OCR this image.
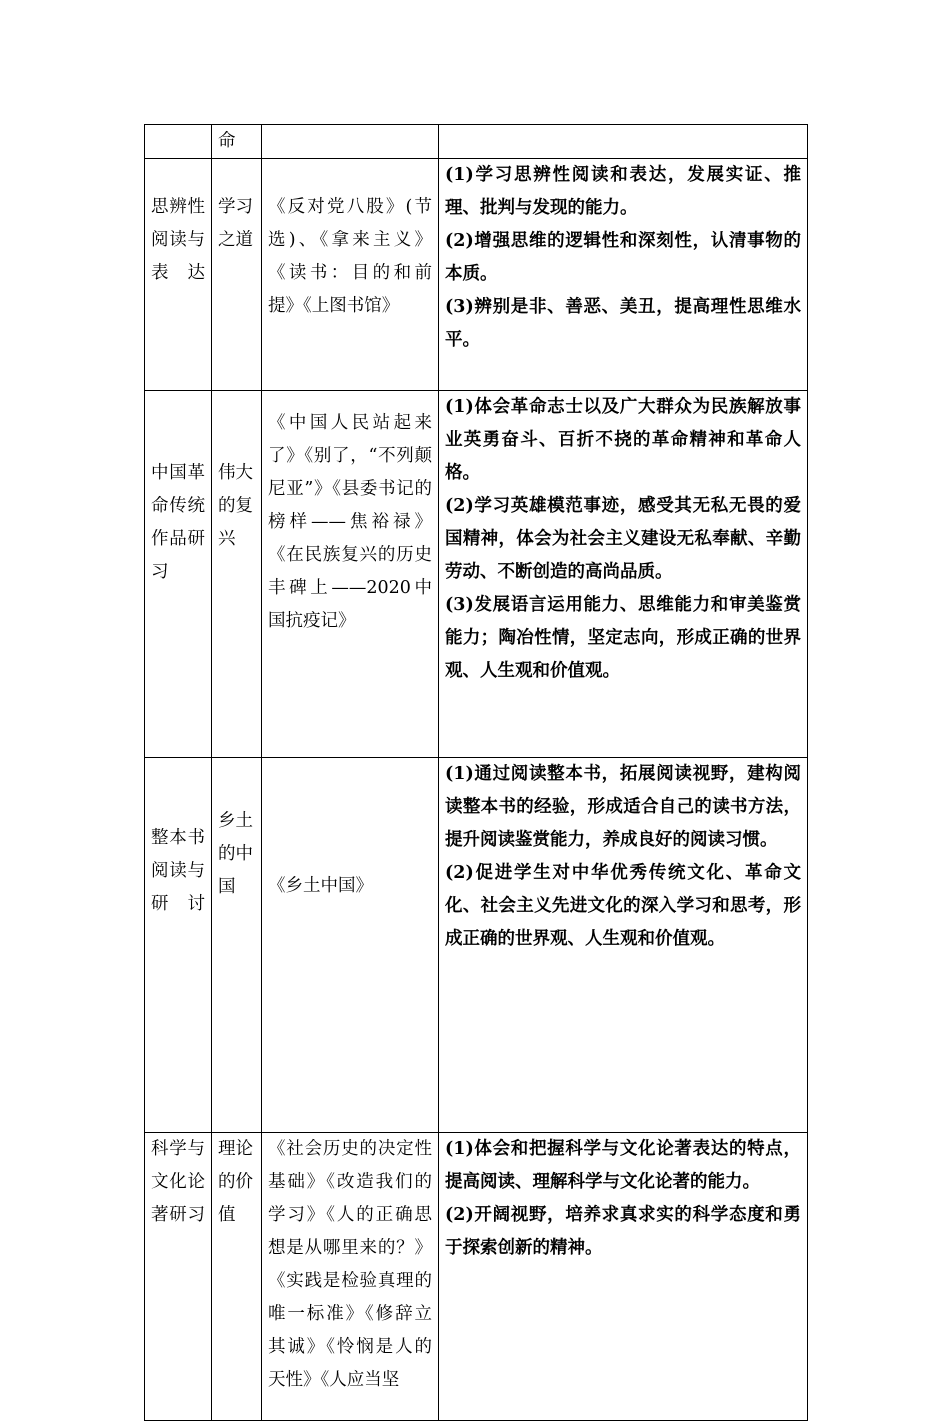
	命		
思辨性阅读与表达	学习之道	《反对党八股》(节选)、《拿来主义》《读书：目的和前提》《上图书馆》	(1)学习思辨性阅读和表达，发展实证、推理、批判与发现的能力。
(2)增强思维的逻辑性和深刻性，认清事物的本质。
(3)辨别是非、善恶、美丑，提高理性思维水平。

中国革命传统作品研习	伟大的复兴	《中国人民站起来了》《别了，“不列颠尼亚”》《县委书记的榜样——焦裕禄》《在民族复兴的历史丰碑上——2020中国抗疫记》	(1)体会革命志士以及广大群众为民族解放事业英勇奋斗、百折不挠的革命精神和革命人格。
(2)学习英雄模范事迹，感受其无私无畏的爱国精神，体会为社会主义建设无私奉献、辛勤劳动、不断创造的高尚品质。
(3)发展语言运用能力、思维能力和审美鉴赏能力；陶冶性情，坚定志向，形成正确的世界观、人生观和价值观。

整本书阅读与研讨	乡土的中国	《乡土中国》	(1)通过阅读整本书，拓展阅读视野，建构阅读整本书的经验，形成适合自己的读书方法，提升阅读鉴赏能力，养成良好的阅读习惯。
(2)促进学生对中华优秀传统文化、革命文化、社会主义先进文化的深入学习和思考，形成正确的世界观、人生观和价值观。

科学与文化论著研习	理论的价值	《社会历史的决定性基础》《改造我们的学习》《人的正确思想是从哪里来的？》《实践是检验真理的唯一标准》《修辞立其诚》《怜悯是人的天性》《人应当坚	(1)体会和把握科学与文化论著表达的特点，提高阅读、理解科学与文化论著的能力。
(2)开阔视野，培养求真求实的科学态度和勇于探索创新的精神。
